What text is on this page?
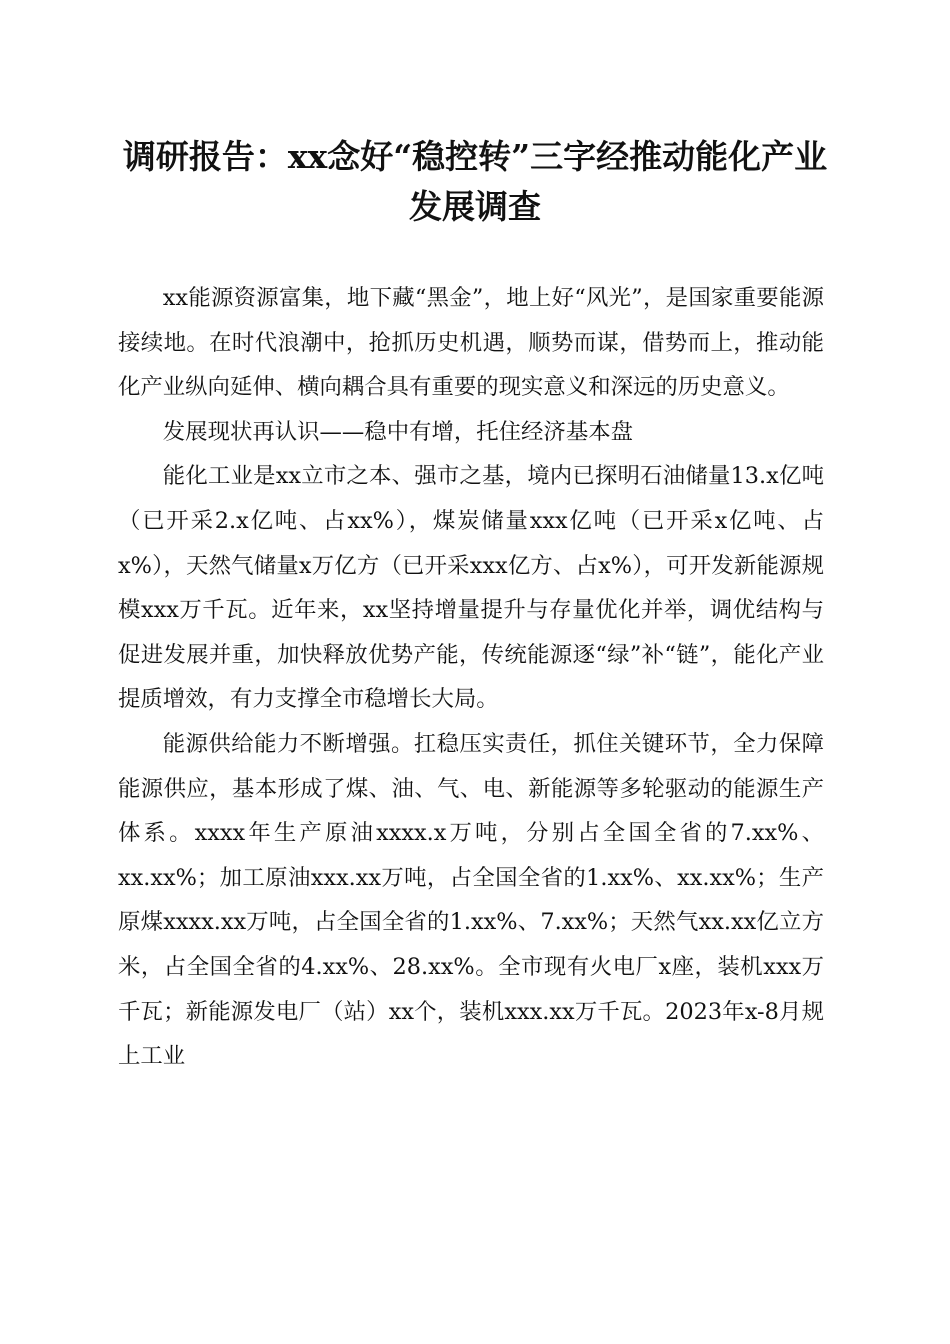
调研报告：xx念好“稳控转”三字经推动能化产业发展调查

xx能源资源富集，地下藏“黑金”，地上好“风光”，是国家重要能源接续地。在时代浪潮中，抢抓历史机遇，顺势而谋，借势而上，推动能化产业纵向延伸、横向耦合具有重要的现实意义和深远的历史意义。

发展现状再认识——稳中有增，托住经济基本盘

能化工业是xx立市之本、强市之基，境内已探明石油储量13.x亿吨（已开采2.x亿吨、占xx%），煤炭储量xxx亿吨（已开采x亿吨、占x%），天然气储量x万亿方（已开采xxx亿方、占x%），可开发新能源规模xxx万千瓦。近年来，xx坚持增量提升与存量优化并举，调优结构与促进发展并重，加快释放优势产能，传统能源逐“绿”补“链”，能化产业提质增效，有力支撑全市稳增长大局。

能源供给能力不断增强。扛稳压实责任，抓住关键环节，全力保障能源供应，基本形成了煤、油、气、电、新能源等多轮驱动的能源生产体系。xxxx年生产原油xxxx.x万吨，分别占全国全省的7.xx%、xx.xx%；加工原油xxx.xx万吨，占全国全省的1.xx%、xx.xx%；生产原煤xxxx.xx万吨，占全国全省的1.xx%、7.xx%；天然气xx.xx亿立方米，占全国全省的4.xx%、28.xx%。全市现有火电厂x座，装机xxx万千瓦；新能源发电厂（站）xx个，装机xxx.xx万千瓦。2023年x-8月规上工业
